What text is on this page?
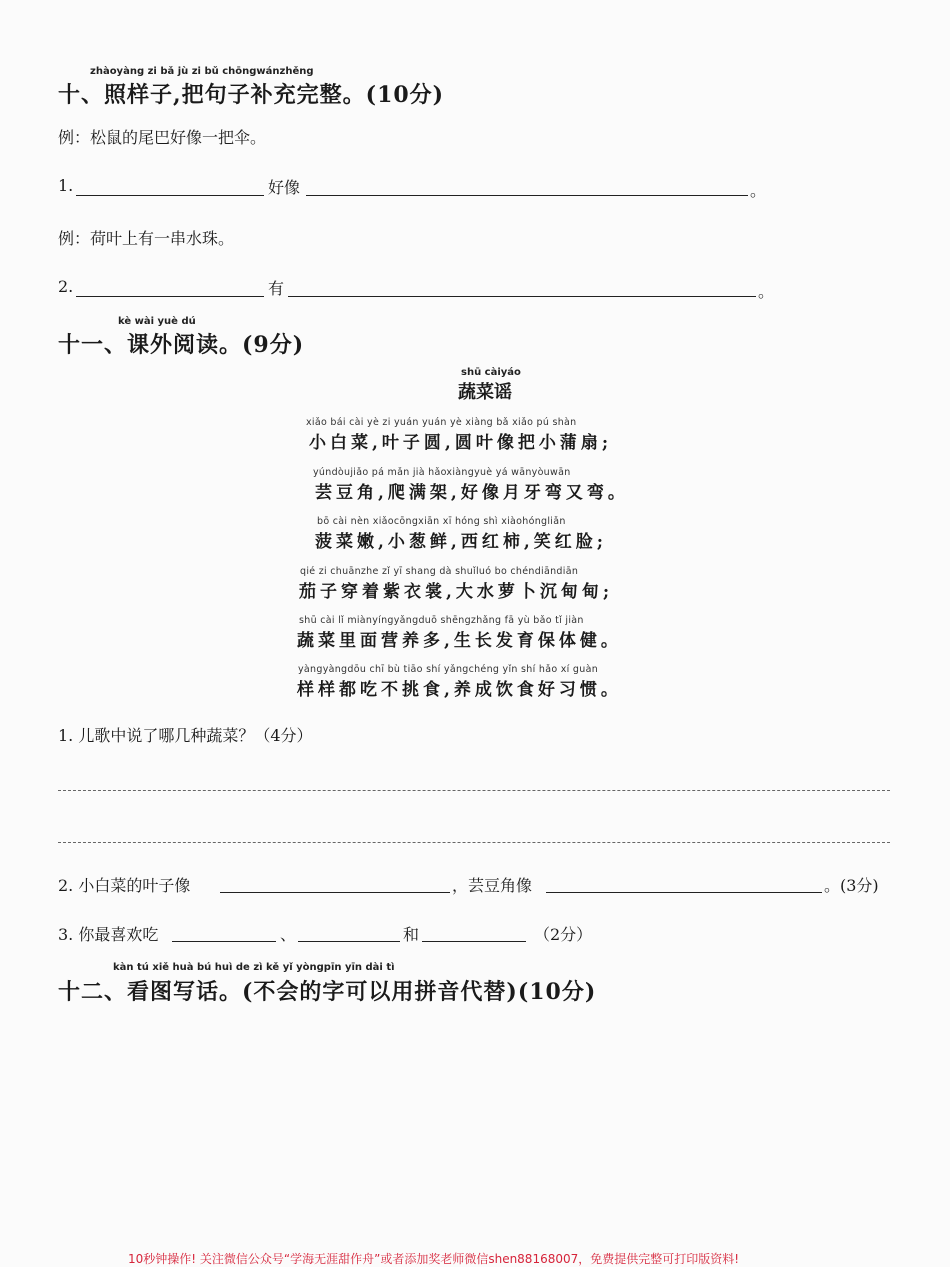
zhàoyàng zi bǎ jù zi bǔ chōngwánzhěng
十、照样子,把句子补充完整。(10分)
例：松鼠的尾巴好像一把伞。
1.	好像	。
例：荷叶上有一串水珠。
2.	有	。
kè wài yuè dú
十一、课外阅读。(9分)
shū càiyáo
蔬菜谣
xiǎo bái cài yè zi yuán yuán yè xiàng bǎ xiǎo pú shàn
小白菜,叶子圆,圆叶像把小蒲扇;
yúndòujiǎo pá mǎn jià hǎoxiàngyuè yá wānyòuwān
芸豆角,爬满架,好像月牙弯又弯。
bō cài nèn xiǎocōngxiān xī hóng shì xiàohóngliǎn
菠菜嫩,小葱鲜,西红柿,笑红脸;
qié zi chuānzhe zǐ yī shang dà shuǐluó bo chéndiāndiān
茄子穿着紫衣裳,大水萝卜沉甸甸;
shū cài lǐ miànyíngyǎngduō shēngzhǎng fā yù bǎo tǐ jiàn
蔬菜里面营养多,生长发育保体健。
yàngyàngdōu chī bù tiāo shí yǎngchéng yǐn shí hǎo xí guàn
样样都吃不挑食,养成饮食好习惯。
1. 儿歌中说了哪几种蔬菜？（4分）
2. 小白菜的叶子像	，芸豆角像	。(3分)
3. 你最喜欢吃	、	和	（2分）
kàn tú xiě huà bú huì de zì kě yǐ yòngpīn yīn dài tì
十二、看图写话。(不会的字可以用拼音代替)(10分)
10秒钟操作! 关注微信公众号“学海无涯甜作舟”或者添加奖老师微信shen88168007，免费提供完整可打印版资料!
